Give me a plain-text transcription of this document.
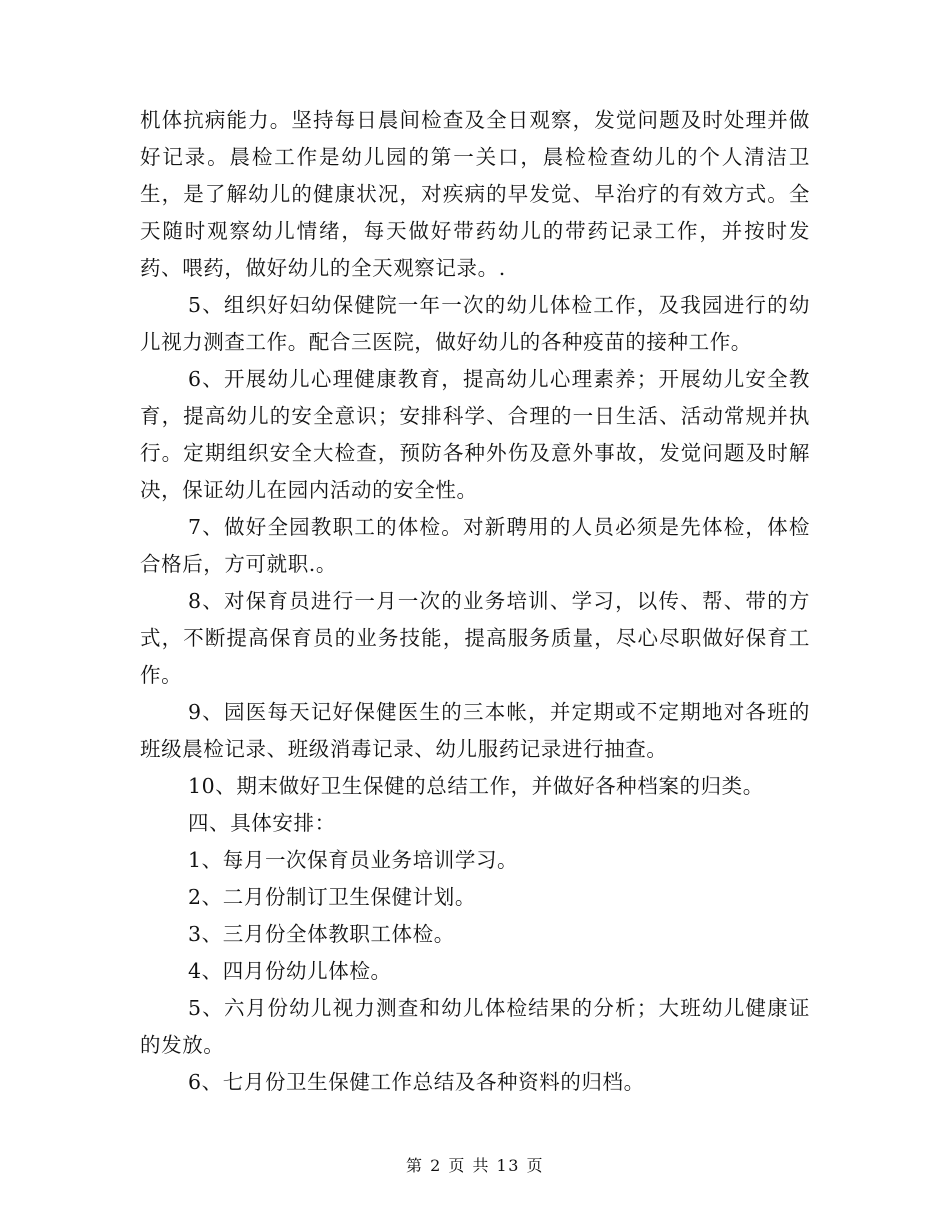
机体抗病能力。坚持每日晨间检查及全日观察，发觉问题及时处理并做好记录。晨检工作是幼儿园的第一关口，晨检检查幼儿的个人清洁卫生，是了解幼儿的健康状况，对疾病的早发觉、早治疗的有效方式。全天随时观察幼儿情绪，每天做好带药幼儿的带药记录工作，并按时发药、喂药，做好幼儿的全天观察记录。.

5、组织好妇幼保健院一年一次的幼儿体检工作，及我园进行的幼儿视力测查工作。配合三医院，做好幼儿的各种疫苗的接种工作。

6、开展幼儿心理健康教育，提高幼儿心理素养；开展幼儿安全教育，提高幼儿的安全意识；安排科学、合理的一日生活、活动常规并执行。定期组织安全大检查，预防各种外伤及意外事故，发觉问题及时解决，保证幼儿在园内活动的安全性。

7、做好全园教职工的体检。对新聘用的人员必须是先体检，体检合格后，方可就职.。

8、对保育员进行一月一次的业务培训、学习，以传、帮、带的方式，不断提高保育员的业务技能，提高服务质量，尽心尽职做好保育工作。

9、园医每天记好保健医生的三本帐，并定期或不定期地对各班的班级晨检记录、班级消毒记录、幼儿服药记录进行抽查。

10、期末做好卫生保健的总结工作，并做好各种档案的归类。

四、具体安排：

1、每月一次保育员业务培训学习。

2、二月份制订卫生保健计划。

3、三月份全体教职工体检。

4、四月份幼儿体检。

5、六月份幼儿视力测查和幼儿体检结果的分析；大班幼儿健康证的发放。

6、七月份卫生保健工作总结及各种资料的归档。

第 2 页 共 13 页
